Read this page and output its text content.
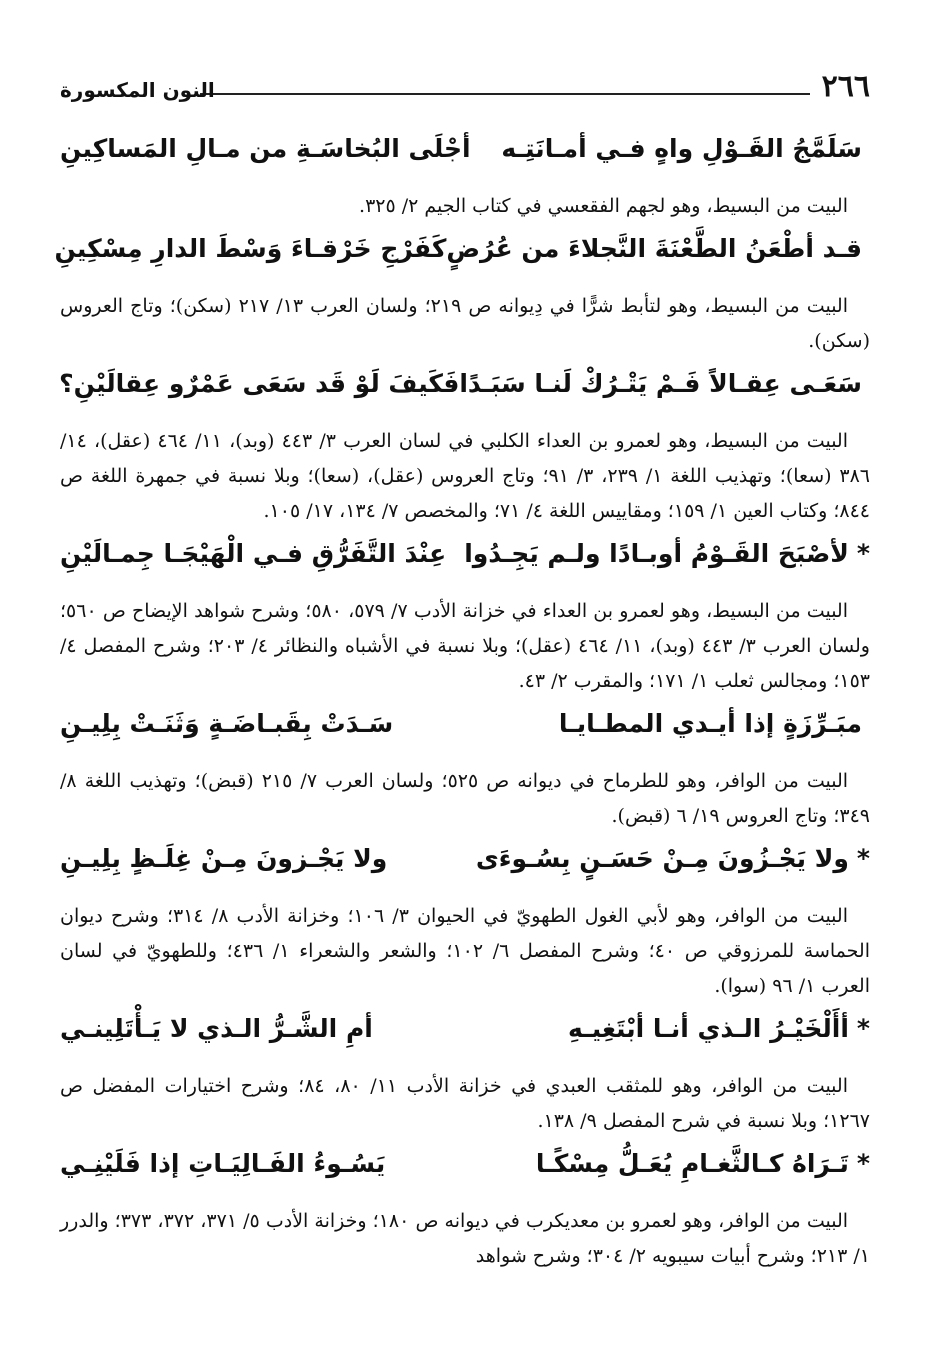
٢٦٦
النون المكسورة
سَلَمَّجُ القَـوْلِ واهٍ فـي أمـانَتِـه
أجْلَى البُخاسَـةِ من مـالِ المَساكِينِ

البيت من البسيط، وهو لجهم الفقعسي في كتاب الجيم ٢/ ٣٢٥.

قـد أطْعَنُ الطَّعْنَةَ النَّجلاءَ من عُرُضٍ
كَفَرْجِ خَرْقـاءَ وَسْطَ الدارِ مِسْكِينِ

البيت من البسيط، وهو لتأبط شرًّا في دِيوانه ص ٢١٩؛ ولسان العرب ١٣/ ٢١٧ (سكن)؛ وتاج العروس (سكن).

سَعَـى عِقـالاً فَـمْ يَتْـرُكْ لَنـا سَبَـدًا
فَكَيفَ لَوْ قَد سَعَى عَمْرٌو عِقالَيْنِ؟

البيت من البسيط، وهو لعمرو بن العداء الكلبي في لسان العرب ٣/ ٤٤٣ (وبد)، ١١/ ٤٦٤ (عقل)، ١٤/ ٣٨٦ (سعا)؛ وتهذيب اللغة ١/ ٢٣٩، ٣/ ٩١؛ وتاج العروس (عقل)، (سعا)؛ وبلا نسبة في جمهرة اللغة ص ٨٤٤؛ وكتاب العين ١/ ١٥٩؛ ومقاييس اللغة ٤/ ٧١؛ والمخصص ٧/ ١٣٤، ١٧/ ١٠٥.

*
لأصْبَحَ القَـوْمُ أوبـادًا ولـم يَجِـدُوا
عِنْدَ التَّفَرُّقِ فـي الْهَيْجَـا جِمـالَيْنِ

البيت من البسيط، وهو لعمرو بن العداء في خزانة الأدب ٧/ ٥٧٩، ٥٨٠؛ وشرح شواهد الإيضاح ص ٥٦٠؛ ولسان العرب ٣/ ٤٤٣ (وبد)، ١١/ ٤٦٤ (عقل)؛ وبلا نسبة في الأشباه والنظائر ٤/ ٢٠٣؛ وشرح المفصل ٤/ ١٥٣؛ ومجالس ثعلب ١/ ١٧١؛ والمقرب ٢/ ٤٣.

مبَـرِّزَةٍ إذا أيـدي المطـايـا
سَـدَتْ بِقَبـاضَـةٍ وَثَنَـتْ بِلِيـنِ

البيت من الوافر، وهو للطرماح في ديوانه ص ٥٢٥؛ ولسان العرب ٧/ ٢١٥ (قبض)؛ وتهذيب اللغة ٨/ ٣٤٩؛ وتاج العروس ١٩/ ٦ (قبض).

*
ولا يَجْـزُونَ مِـنْ حَسَـنٍ بِسُـوءَى
ولا يَجْـزونَ مِـنْ غِلَـظٍ بِلِيـنِ

البيت من الوافر، وهو لأبي الغول الطهويّ في الحيوان ٣/ ١٠٦؛ وخزانة الأدب ٨/ ٣١٤؛ وشرح ديوان الحماسة للمرزوقي ص ٤٠؛ وشرح المفصل ٦/ ١٠٢؛ والشعر والشعراء ١/ ٤٣٦؛ وللطهويّ في لسان العرب ١/ ٩٦ (سوا).

*
أأَلْخَيْـرُ الـذي أنـا أبْتَغِيـهِ
أمِ الشَّـرُّ الـذي لا يَـأْتَلِينـي

البيت من الوافر، وهو للمثقب العبدي في خزانة الأدب ١١/ ٨٠، ٨٤؛ وشرح اختيارات المفضل ص ١٢٦٧؛ وبلا نسبة في شرح المفصل ٩/ ١٣٨.

*
تَـرَاهُ كـالثَّغـامِ يُعَـلُّ مِسْكًـا
يَسُـوءُ الفَـالِيَـاتِ إذا فَلَيْنِـي

البيت من الوافر، وهو لعمرو بن معديكرب في ديوانه ص ١٨٠؛ وخزانة الأدب ٥/ ٣٧١، ٣٧٢، ٣٧٣؛ والدرر ١/ ٢١٣؛ وشرح أبيات سيبويه ٢/ ٣٠٤؛ وشرح شواهد
